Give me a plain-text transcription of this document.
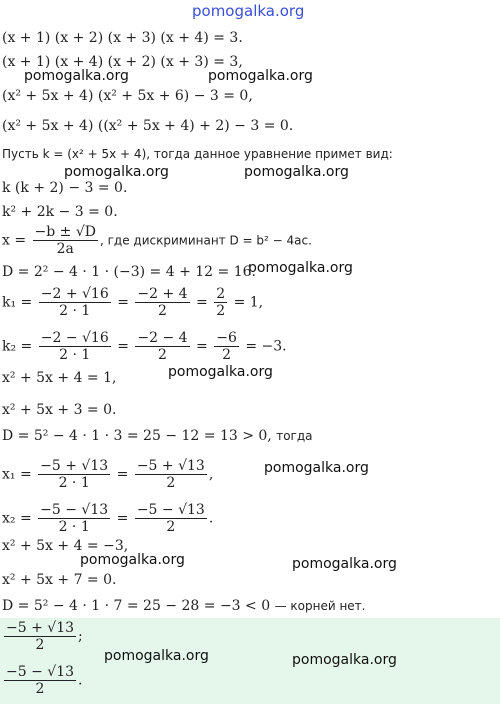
pomogalka.org
pomogalka.org	pomogalka.org
pomogalka.org	pomogalka.org
pomogalka.org
pomogalka.org
pomogalka.org
pomogalka.org	pomogalka.org
pomogalka.org	pomogalka.org
(x + 1) (x + 2) (x + 3) (x + 4) = 3.
(x + 1) (x + 4) (x + 2) (x + 3) = 3,
(x² + 5x + 4) (x² + 5x + 6) − 3 = 0,
(x² + 5x + 4) ((x² + 5x + 4) + 2) − 3 = 0.
Пусть k = (x² + 5x + 4), тогда данное уравнение примет вид:
k (k + 2) − 3 = 0.
k² + 2k − 3 = 0.
$x = \frac{-b \pm √D}{2a}$ , где дискриминант D = b² − 4ac.
D = 2² − 4 · 1 · (−3) = 4 + 12 = 16.
$k_1 = \frac{-2 + √16}{2 \cdot 1} = \frac{-2 + 4}{2} = \frac{2}{2} = 1$,
$k_2 = \frac{-2 - √16}{2 \cdot 1} = \frac{-2 - 4}{2} = \frac{-6}{2} = -3$.
x² + 5x + 4 = 1,
x² + 5x + 3 = 0.
D = 5² − 4 · 1 · 3 = 25 − 12 = 13 > 0, тогда
$x_1 = \frac{-5 + √13}{2 \cdot 1} = \frac{-5 + √13}{2}$ ,
$x_2 = \frac{-5 - √13}{2 \cdot 1} = \frac{-5 - √13}{2}$ .
x² + 5x + 4 = −3,
x² + 5x + 7 = 0.
D = 5² − 4 · 1 · 7 = 25 − 28 = −3 < 0 — корней нет.
$\frac{-5 + √13}{2}$ ;
$\frac{-5 - √13}{2}$ .
